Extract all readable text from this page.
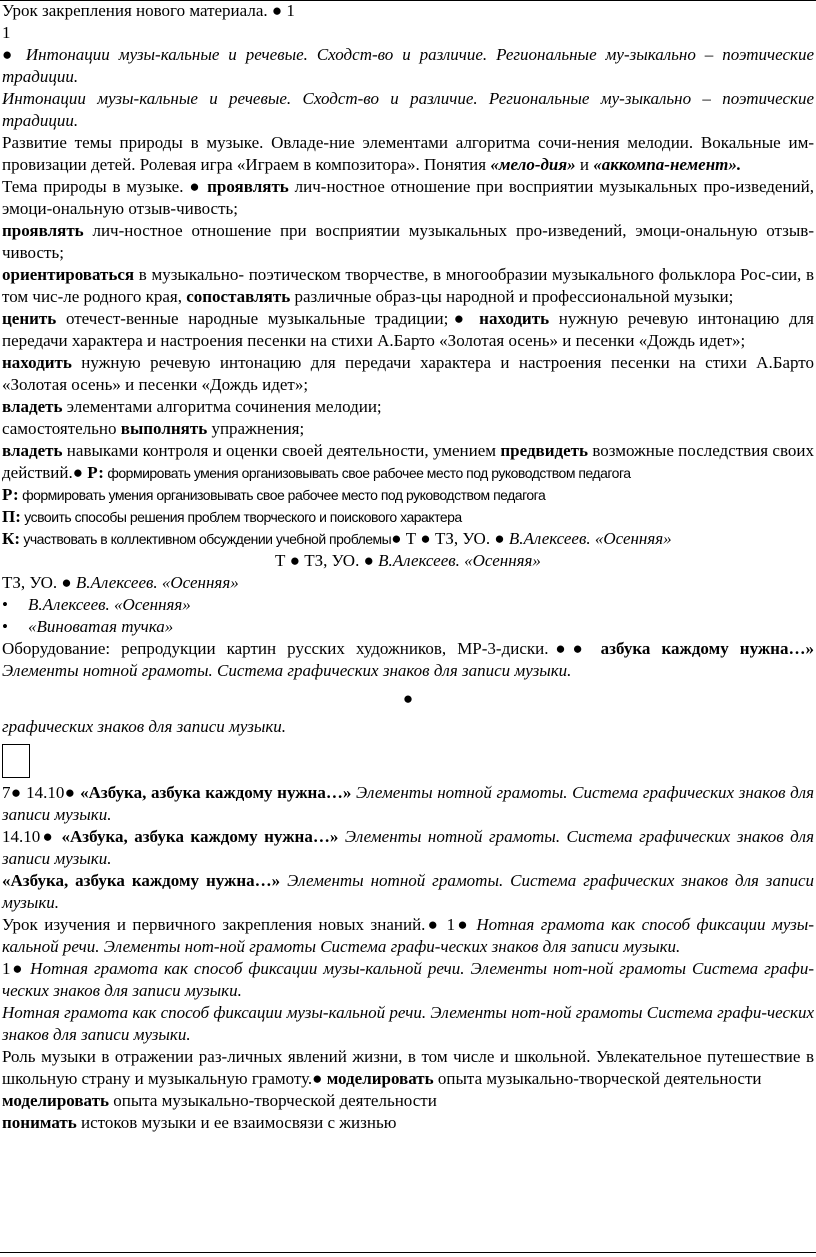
Урок закрепления нового материала. ● 1

1

● Интонации музы-кальные и речевые. Сходст-во и различие. Региональные му-зыкально – поэтические традиции.

Интонации музы-кальные и речевые. Сходст-во и различие. Региональные му-зыкально – поэтические традиции.

Развитие темы природы в музыке. Овладе-ние элементами алгоритма сочи-нения мелодии. Вокальные им-провизации детей. Ролевая игра «Играем в композитора». Понятия «мело-дия» и «аккомпа-немент».

Тема природы в музыке. ● проявлять лич-ностное отношение при восприятии музыкальных про-изведений, эмоци-ональную отзыв-чивость;

проявлять лич-ностное отношение при восприятии музыкальных про-изведений, эмоци-ональную отзыв-чивость;

ориентироваться в музыкально- поэтическом творчестве, в многообразии музыкального фольклора Рос-сии, в том чис-ле родного края, сопоставлять различные образ-цы народной и профессиональной музыки;

ценить отечест-венные народные музыкальные традиции;● находить нужную речевую интонацию для передачи характера и настроения песенки на стихи А.Барто «Золотая осень» и песенки «Дождь идет»;

находить нужную речевую интонацию для передачи характера и настроения песенки на стихи А.Барто «Золотая осень» и песенки «Дождь идет»;

владеть элементами алгоритма сочинения мелодии;

самостоятельно выполнять упражнения;

владеть навыками контроля и оценки своей деятельности, умением предвидеть возможные последствия своих действий.● Р: формировать умения организовывать свое рабочее место под руководством педагога

Р: формировать умения организовывать свое рабочее место под руководством педагога

П: усвоить способы решения проблем творческого и поискового характера

К: участвовать в коллективном обсуждении учебной проблемы● Т ● ТЗ, УО. ● В.Алексеев. «Осенняя»

Т ● ТЗ, УО. ● В.Алексеев. «Осенняя»

ТЗ, УО. ● В.Алексеев. «Осенняя»

•	В.Алексеев. «Осенняя»
•	«Виноватая тучка»

Оборудование: репродукции картин русских художников, МР-3-диски.●● азбука каждому нужна…» Элементы нотной грамоты. Система графических знаков для записи музыки.

●

графических знаков для записи музыки.

7● 14.10● «Азбука, азбука каждому нужна…» Элементы нотной грамоты. Система графических знаков для записи музыки.

14.10● «Азбука, азбука каждому нужна…» Элементы нотной грамоты. Система графических знаков для записи музыки.

«Азбука, азбука каждому нужна…» Элементы нотной грамоты. Система графических знаков для записи музыки.

Урок изучения и первичного закрепления новых знаний.● 1● Нотная грамота как способ фиксации музы-кальной речи. Элементы нот-ной грамоты Система графи-ческих знаков для записи музыки.

1● Нотная грамота как способ фиксации музы-кальной речи. Элементы нот-ной грамоты Система графи-ческих знаков для записи музыки.

Нотная грамота как способ фиксации музы-кальной речи. Элементы нот-ной грамоты Система графи-ческих знаков для записи музыки.

Роль музыки в отражении раз-личных явлений жизни, в том числе и школьной. Увлекательное путешествие в школьную страну и музыкальную грамоту.● моделировать опыта музыкально-творческой деятельности

моделировать опыта музыкально-творческой деятельности

понимать истоков музыки и ее взаимосвязи с жизнью
